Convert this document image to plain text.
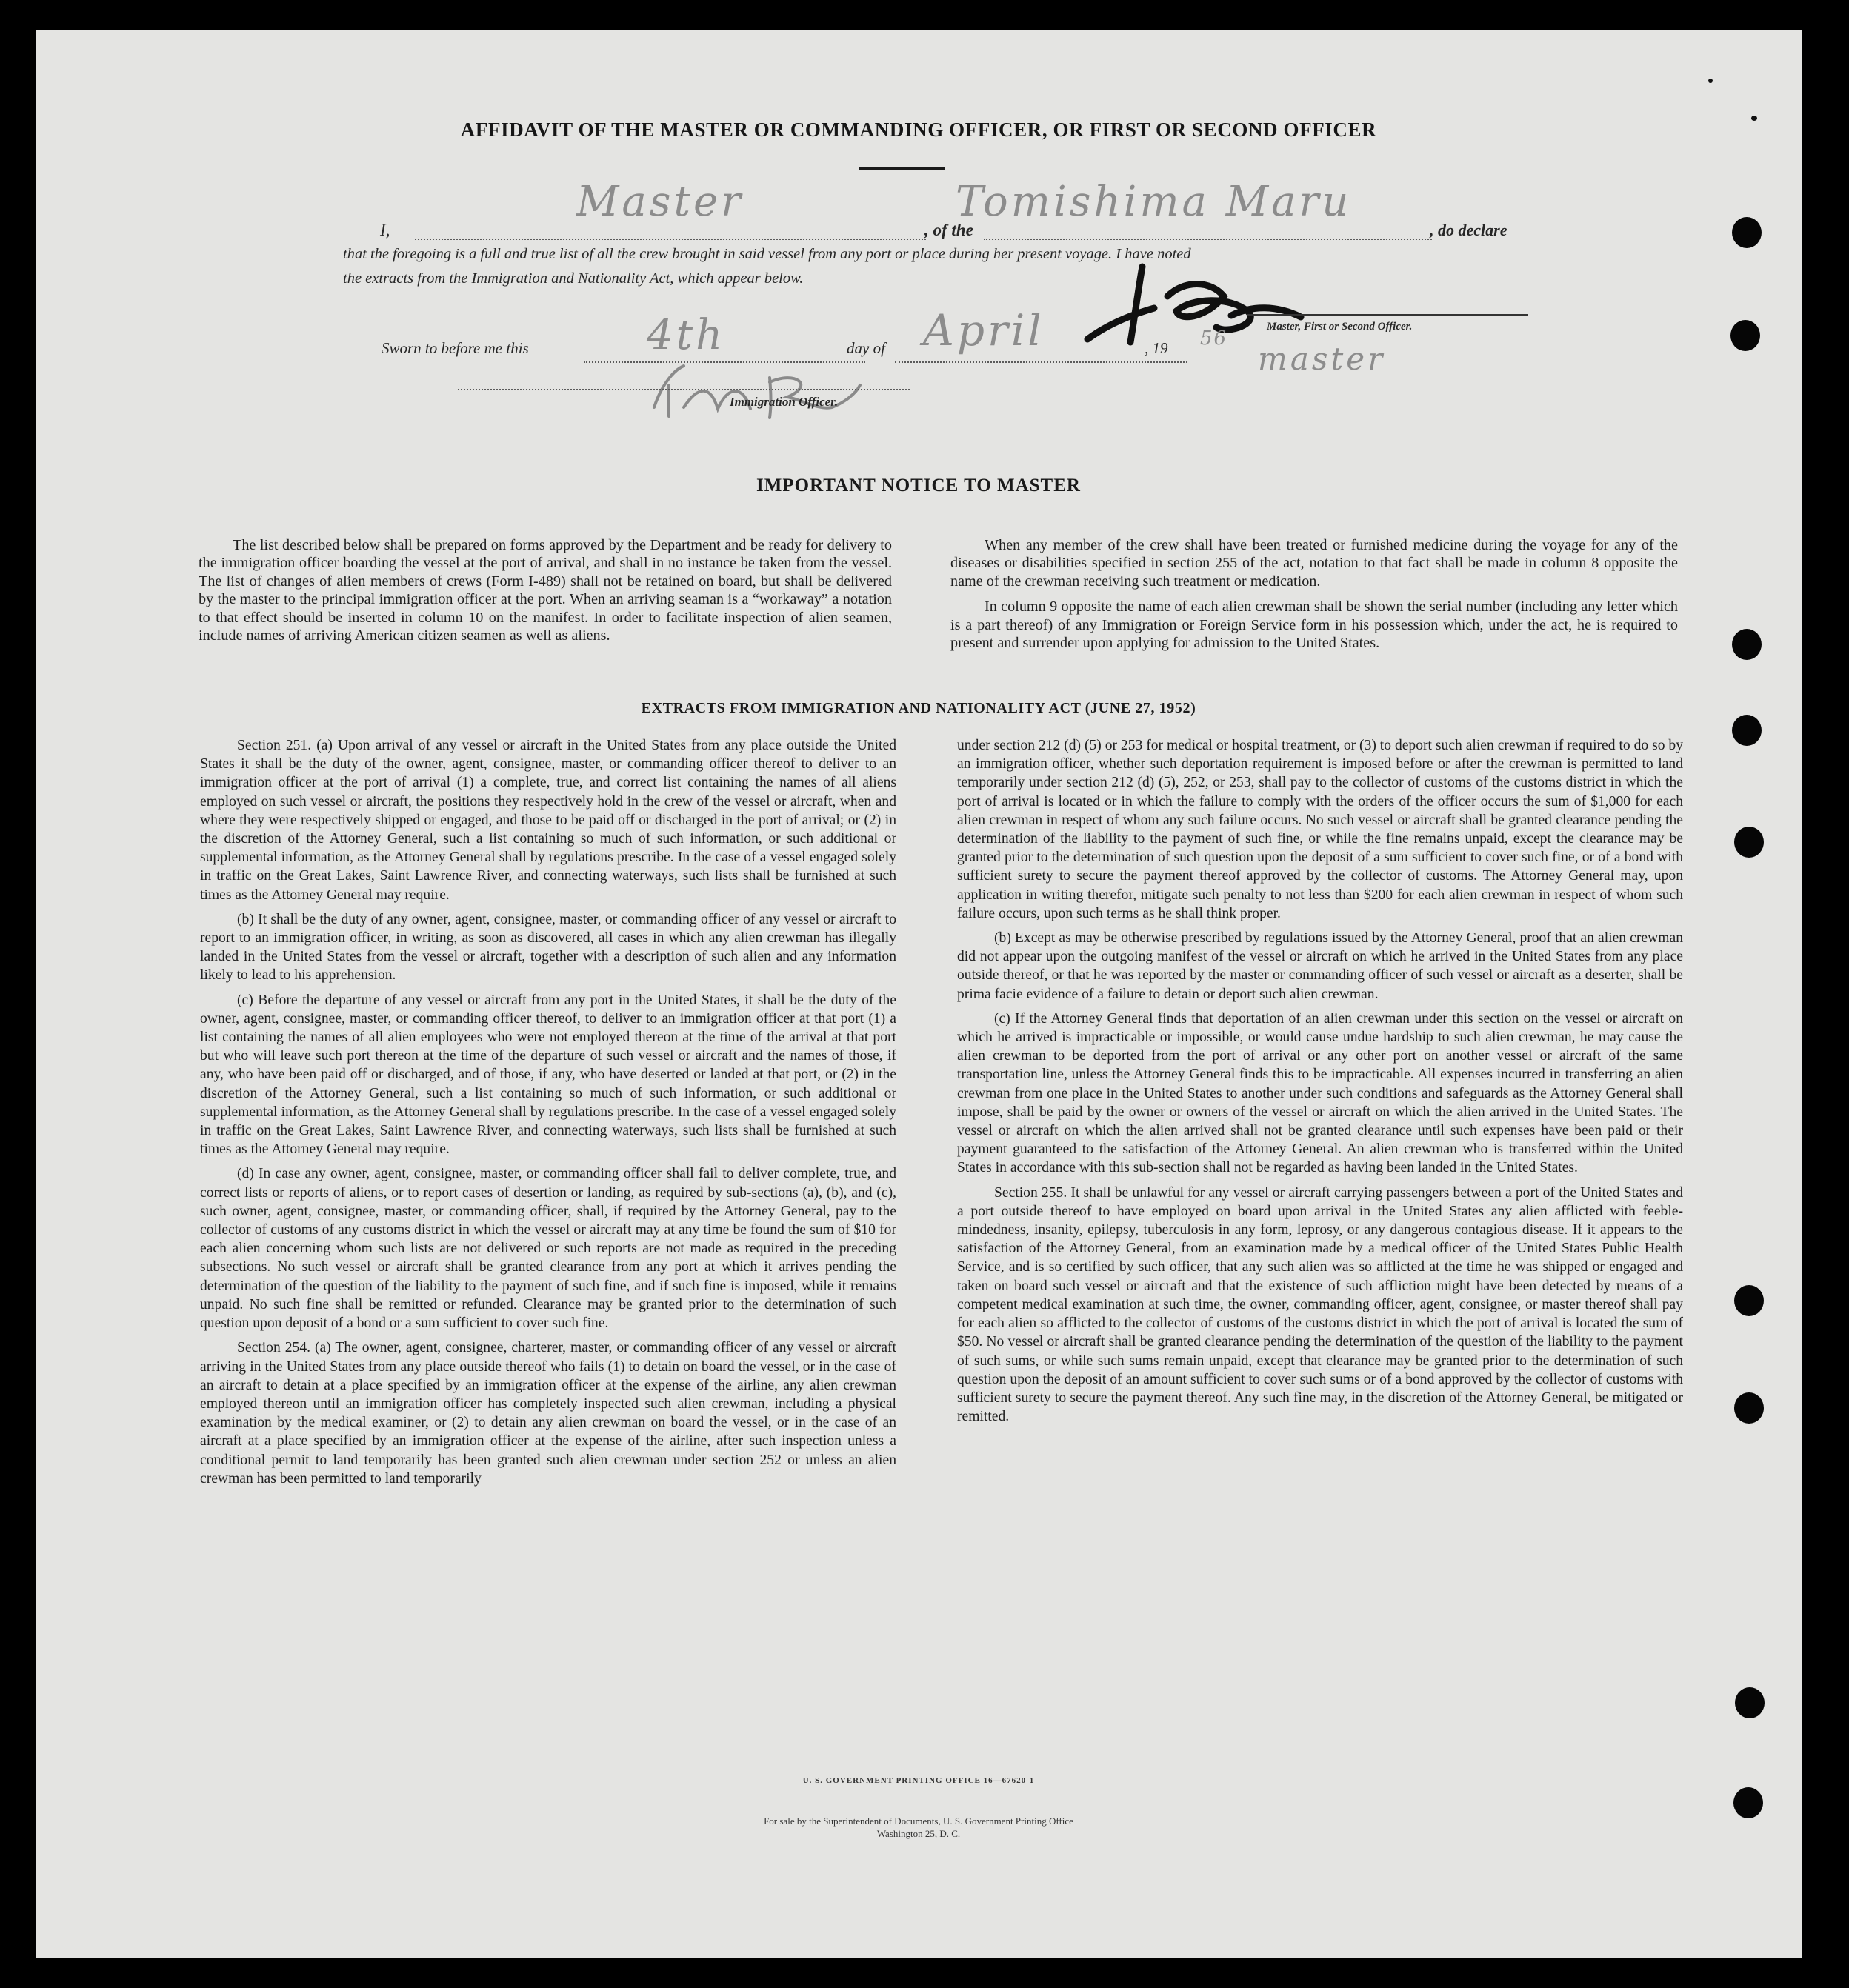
AFFIDAVIT OF THE MASTER OR COMMANDING OFFICER, OR FIRST OR SECOND OFFICER
I,
Master
, of the
Tomishima Maru
, do declare
that the foregoing is a full and true list of all the crew brought in said vessel from any port or place during her present voyage. I have noted
the extracts from the Immigration and Nationality Act, which appear below.
Master, First or Second Officer.
master
Sworn to before me this	4th	day of April	, 19 56
Immigration Officer.
IMPORTANT NOTICE TO MASTER

The list described below shall be prepared on forms approved by the Department and be ready for delivery to the immigration officer boarding the vessel at the port of arrival, and shall in no instance be taken from the vessel. The list of changes of alien members of crews (Form I-489) shall not be retained on board, but shall be delivered by the master to the principal immigration officer at the port. When an arriving seaman is a “workaway” a notation to that effect should be inserted in column 10 on the manifest. In order to facilitate inspection of alien seamen, include names of arriving American citizen seamen as well as aliens.

When any member of the crew shall have been treated or furnished medicine during the voyage for any of the diseases or disabilities specified in section 255 of the act, notation to that fact shall be made in column 8 opposite the name of the crewman receiving such treatment or medication.

In column 9 opposite the name of each alien crewman shall be shown the serial number (including any letter which is a part thereof) of any Immigration or Foreign Service form in his possession which, under the act, he is required to present and surrender upon applying for admission to the United States.

EXTRACTS FROM IMMIGRATION AND NATIONALITY ACT (JUNE 27, 1952)

Section 251. (a) Upon arrival of any vessel or aircraft in the United States from any place outside the United States it shall be the duty of the owner, agent, consignee, master, or commanding officer thereof to deliver to an immigration officer at the port of arrival (1) a complete, true, and correct list containing the names of all aliens employed on such vessel or aircraft, the positions they respectively hold in the crew of the vessel or aircraft, when and where they were respectively shipped or engaged, and those to be paid off or discharged in the port of arrival; or (2) in the discretion of the Attorney General, such a list containing so much of such information, or such additional or supplemental information, as the Attorney General shall by regulations prescribe. In the case of a vessel engaged solely in traffic on the Great Lakes, Saint Lawrence River, and connecting waterways, such lists shall be furnished at such times as the Attorney General may require.

(b) It shall be the duty of any owner, agent, consignee, master, or commanding officer of any vessel or aircraft to report to an immigration officer, in writing, as soon as discovered, all cases in which any alien crewman has illegally landed in the United States from the vessel or aircraft, together with a description of such alien and any information likely to lead to his apprehension.

(c) Before the departure of any vessel or aircraft from any port in the United States, it shall be the duty of the owner, agent, consignee, master, or commanding officer thereof, to deliver to an immigration officer at that port (1) a list containing the names of all alien employees who were not employed thereon at the time of the arrival at that port but who will leave such port thereon at the time of the departure of such vessel or aircraft and the names of those, if any, who have been paid off or discharged, and of those, if any, who have deserted or landed at that port, or (2) in the discretion of the Attorney General, such a list containing so much of such information, or such additional or supplemental information, as the Attorney General shall by regulations prescribe. In the case of a vessel engaged solely in traffic on the Great Lakes, Saint Lawrence River, and connecting waterways, such lists shall be furnished at such times as the Attorney General may require.

(d) In case any owner, agent, consignee, master, or commanding officer shall fail to deliver complete, true, and correct lists or reports of aliens, or to report cases of desertion or landing, as required by sub-sections (a), (b), and (c), such owner, agent, consignee, master, or commanding officer, shall, if required by the Attorney General, pay to the collector of customs of any customs district in which the vessel or aircraft may at any time be found the sum of $10 for each alien concerning whom such lists are not delivered or such reports are not made as required in the preceding subsections. No such vessel or aircraft shall be granted clearance from any port at which it arrives pending the determination of the question of the liability to the payment of such fine, and if such fine is imposed, while it remains unpaid. No such fine shall be remitted or refunded. Clearance may be granted prior to the determination of such question upon deposit of a bond or a sum sufficient to cover such fine.

Section 254. (a) The owner, agent, consignee, charterer, master, or commanding officer of any vessel or aircraft arriving in the United States from any place outside thereof who fails (1) to detain on board the vessel, or in the case of an aircraft to detain at a place specified by an immigration officer at the expense of the airline, any alien crewman employed thereon until an immigration officer has completely inspected such alien crewman, including a physical examination by the medical examiner, or (2) to detain any alien crewman on board the vessel, or in the case of an aircraft at a place specified by an immigration officer at the expense of the airline, after such inspection unless a conditional permit to land temporarily has been granted such alien crewman under section 252 or unless an alien crewman has been permitted to land temporarily

under section 212 (d) (5) or 253 for medical or hospital treatment, or (3) to deport such alien crewman if required to do so by an immigration officer, whether such deportation requirement is imposed before or after the crewman is permitted to land temporarily under section 212 (d) (5), 252, or 253, shall pay to the collector of customs of the customs district in which the port of arrival is located or in which the failure to comply with the orders of the officer occurs the sum of $1,000 for each alien crewman in respect of whom any such failure occurs. No such vessel or aircraft shall be granted clearance pending the determination of the liability to the payment of such fine, or while the fine remains unpaid, except the clearance may be granted prior to the determination of such question upon the deposit of a sum sufficient to cover such fine, or of a bond with sufficient surety to secure the payment thereof approved by the collector of customs. The Attorney General may, upon application in writing therefor, mitigate such penalty to not less than $200 for each alien crewman in respect of whom such failure occurs, upon such terms as he shall think proper.

(b) Except as may be otherwise prescribed by regulations issued by the Attorney General, proof that an alien crewman did not appear upon the outgoing manifest of the vessel or aircraft on which he arrived in the United States from any place outside thereof, or that he was reported by the master or commanding officer of such vessel or aircraft as a deserter, shall be prima facie evidence of a failure to detain or deport such alien crewman.

(c) If the Attorney General finds that deportation of an alien crewman under this section on the vessel or aircraft on which he arrived is impracticable or impossible, or would cause undue hardship to such alien crewman, he may cause the alien crewman to be deported from the port of arrival or any other port on another vessel or aircraft of the same transportation line, unless the Attorney General finds this to be impracticable. All expenses incurred in transferring an alien crewman from one place in the United States to another under such conditions and safeguards as the Attorney General shall impose, shall be paid by the owner or owners of the vessel or aircraft on which the alien arrived in the United States. The vessel or aircraft on which the alien arrived shall not be granted clearance until such expenses have been paid or their payment guaranteed to the satisfaction of the Attorney General. An alien crewman who is transferred within the United States in accordance with this sub-section shall not be regarded as having been landed in the United States.

Section 255. It shall be unlawful for any vessel or aircraft carrying passengers between a port of the United States and a port outside thereof to have employed on board upon arrival in the United States any alien afflicted with feeble-mindedness, insanity, epilepsy, tuberculosis in any form, leprosy, or any dangerous contagious disease. If it appears to the satisfaction of the Attorney General, from an examination made by a medical officer of the United States Public Health Service, and is so certified by such officer, that any such alien was so afflicted at the time he was shipped or engaged and taken on board such vessel or aircraft and that the existence of such affliction might have been detected by means of a competent medical examination at such time, the owner, commanding officer, agent, consignee, or master thereof shall pay for each alien so afflicted to the collector of customs of the customs district in which the port of arrival is located the sum of $50. No vessel or aircraft shall be granted clearance pending the determination of the question of the liability to the payment of such sums, or while such sums remain unpaid, except that clearance may be granted prior to the determination of such question upon the deposit of an amount sufficient to cover such sums or of a bond approved by the collector of customs with sufficient surety to secure the payment thereof. Any such fine may, in the discretion of the Attorney General, be mitigated or remitted.

U. S. GOVERNMENT PRINTING OFFICE 16—67620-1
For sale by the Superintendent of Documents, U. S. Government Printing Office
Washington 25, D. C.
